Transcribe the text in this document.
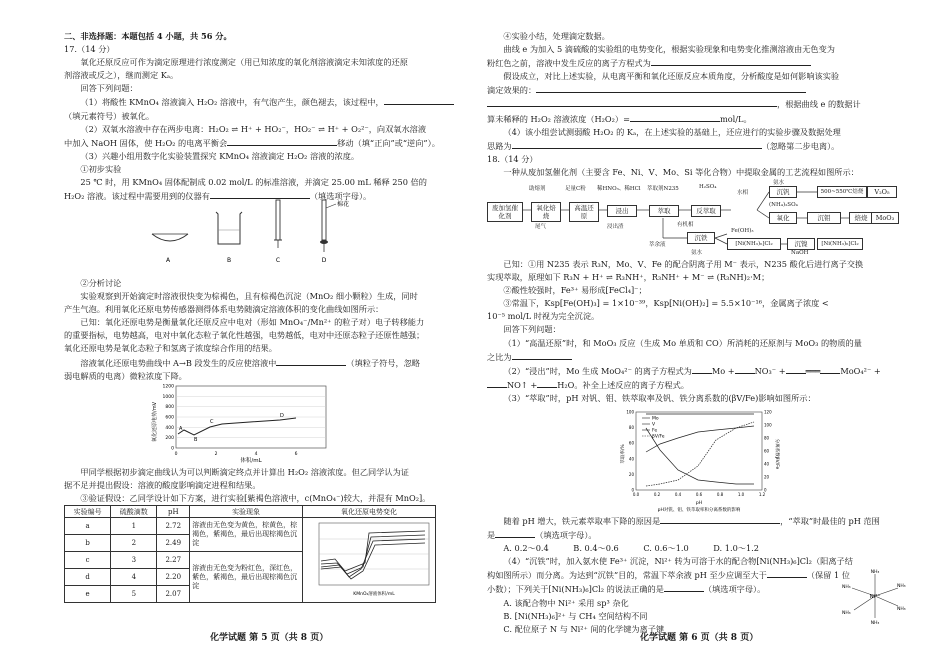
二、非选择题：本题包括 4 小题，共 56 分。

17.（14 分）

氧化还原反应可作为滴定原理进行浓度测定（用已知浓度的氧化剂溶液滴定未知浓度的还原

剂溶液或反之），继而测定 Kₐ。

回答下列问题：

（1）将酸性 KMnO₄ 溶液滴入 H₂O₂ 溶液中，有气泡产生，颜色褪去，该过程中，

（填元素符号）被氧化。

（2）双氧水溶液中存在两步电离：H₂O₂ ⇌ H⁺ + HO₂⁻，HO₂⁻ ⇌ H⁺ + O₂²⁻，向双氧水溶液

中加入 NaOH 固体，使 H₂O₂ 的电离平衡会	移动（填“正向”或“逆向”）。

（3）兴趣小组用数字化实验装置探究 KMnO₄ 溶液滴定 H₂O₂ 溶液的浓度。

①初步实验

25 ℃ 时，用 KMnO₄ 固体配制成 0.02 mol/L 的标准溶液，并滴定 25.00 mL 稀释 250 倍的

H₂O₂ 溶液。该过程中需要用到的仪器有	（填选项字母）。

棉花
A	B	C	D

②分析讨论

实验观察到开始滴定时溶液很快变为棕褐色，且有棕褐色沉淀（MnO₂ 细小颗粒）生成，同时

产生气泡。利用氧化还原电势传感器测得体系电势随滴定溶液体积的变化曲线如图所示：

已知：氧化还原电势是衡量氧化还原反应中电对（形如 MnO₄⁻/Mn²⁺ 的粒子对）电子转移能力

的重要指标，电势越高，电对中氧化态粒子氧化性越强，电势越低，电对中还原态粒子还原性越强；

氧化还原电势是氧化态粒子和氢离子浓度综合作用的结果。

溶液氧化还原电势曲线中 A→B 段发生的反应使溶液中	（填粒子符号，忽略

弱电解质的电离）微粒浓度下降。

氧化还原电势/mV
0
200
400
600
800
1000
1200
0	2	4	6
A
B
C
D
体积/mL

甲同学根据初步滴定曲线认为可以判断滴定终点并计算出 H₂O₂ 溶液浓度。但乙同学认为证

据不足并提出假设：溶液的酸度影响滴定进程和结果。

③验证假设：乙同学设计如下方案，进行实验[紫褐色溶液中，c(MnO₄⁻)较大，并混有 MnO₂]。

实验编号	硫酸滴数	pH	实验现象	氧化还原电势变化
a	1	2.72	溶液由无色变为黄色，棕黄色，棕褐色，紫褐色，最后出现棕褐色沉淀	KMnO₄溶液体积/mL

b	2	2.49		
c	3	2.27	溶液由无色变为粉红色，深红色，紫色，紫褐色，最后出现棕褐色沉淀	
d	4	2.20		
e	5	2.07		
化学试题 第 5 页（共 8 页）

④实验小结，处理滴定数据。

曲线 e 为加入 5 滴硫酸的实验组的电势变化，根据实验现象和电势变化推测溶液由无色变为

粉红色之前，溶液中发生反应的离子方程式为

假设成立，对比上述实验，从电离平衡和氧化还原反应本质角度，分析酸度是如何影响该实验

滴定效果的：

，根据曲线 e 的数据计

算未稀释的 H₂O₂ 溶液浓度（H₂O₂）=	mol/L。

（4）该小组尝试测弱酸 H₂O₂ 的 Kₐ，在上述实验的基础上，还应进行的实验步骤及数据处理

思路为	（忽略第二步电离）。

18.（14 分）

一种从废加氢催化剂（主要含 Fe、Ni、V、Mo、Si 等化合物）中提取金属的工艺流程如图所示：

废加氢催化剂
氧化焙烧
高温还原
浸出	萃取	反萃取
沉钒	500~550℃焙烧	V₂O₅
氧化	沉钼	焙烧	MoO₃
沉铁
沉镍
[Ni(NH₃)₆]Cl₂	[Ni(NH₃)₆]Cl₂
助熔剂	足量C粉 稀HNO₃、稀HCl 萃取剂N235	H₂SO₄
水相
氨水
尾气	浸出渣	有机相
(NH₄)₂SO₄
萃余液
Fe(OH)₃
氨水	NaOH

已知：①用 N235 表示 R₃N，Mo、V、Fe 的配合阴离子用 M⁻ 表示，N235 酸化后进行离子交换

实现萃取，原理如下 R₃N + H⁺ ⇌ R₃NH⁺，R₃NH⁺ + M⁻ ⇌ (R₃NH)₂·M；

②酸性较强时，Fe³⁺ 易形成[FeCl₄]⁻；

③常温下，Ksp[Fe(OH)₃] = 1×10⁻³⁹，Ksp[Ni(OH)₂] = 5.5×10⁻¹⁶，金属离子浓度 <

10⁻⁵ mol/L 时视为完全沉淀。

回答下列问题：

（1）“高温还原”时，和 MoO₃ 反应（生成 Mo 单质和 CO）所消耗的还原剂与 MoO₃ 的物质的量

之比为

（2）“浸出”时，Mo 生成 MoO₄²⁻ 的离子方程式为 Mo + NO₃⁻ + ═══ MoO₄²⁻ +

NO↑ + H₂O。补全上述反应的离子方程式。

（3）“萃取”时，pH 对钒、钼、铁萃取率及钒、铁分离系数的(βV/Fe)影响如图所示：

萃取率/%	分离系数βV/Fe
0
20
40
60
80
100
0
20
40
60
80
100
120
0.0	0.2	0.4	0.6	0.8	1.0	1.2
Mo
V
Fe
βV/Fe
pH
pH对钒、钼、铁萃取率和分离系数的影响

随着 pH 增大，铁元素萃取率下降的原因是	，“萃取”时最佳的 pH 范围

是	（填选项字母）。

A. 0.2～0.4　　　B. 0.4～0.6　　　C. 0.6～1.0　　　D. 1.0～1.2

（4）“沉铁”时，加入氨水使 Fe³⁺ 沉淀，Ni²⁺ 转为可溶于水的配合物[Ni(NH₃)₆]Cl₂（阳离子结

构如图所示）而分离。为达到“沉铁”目的，常温下萃余液 pH 至少应调至大于	（保留 1 位

小数）；下列关于[Ni(NH₃)₆]Cl₂ 的说法正确的是	（填选项字母）。

A. 该配合物中 Ni²⁺ 采用 sp³ 杂化

B. [Ni(NH₃)₆]²⁺ 与 CH₄ 空间结构不同

C. 配位原子 N 与 Ni²⁺ 间的化学键为离子键

Ni²⁺
NH₃
NH₃
NH₃	NH₃
NH₃
NH₃
化学试题 第 6 页（共 8 页）
